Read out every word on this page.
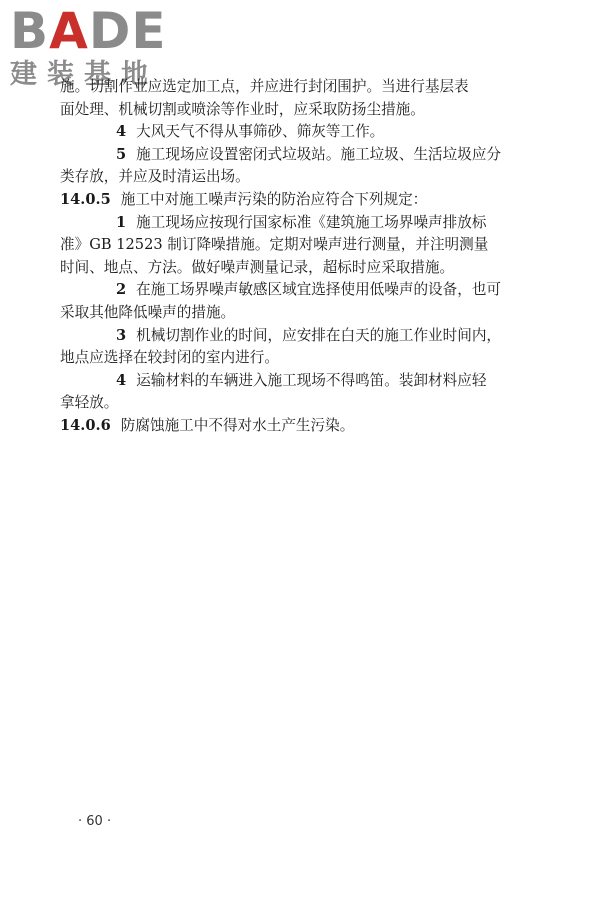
BADE
建装基地
施。切割作业应选定加工点，并应进行封闭围护。当进行基层表
面处理、机械切割或喷涂等作业时，应采取防扬尘措施。
4 大风天气不得从事筛砂、筛灰等工作。
5 施工现场应设置密闭式垃圾站。施工垃圾、生活垃圾应分
类存放，并应及时清运出场。
14.0.5 施工中对施工噪声污染的防治应符合下列规定：
1 施工现场应按现行国家标准《建筑施工场界噪声排放标
准》GB 12523 制订降噪措施。定期对噪声进行测量，并注明测量
时间、地点、方法。做好噪声测量记录，超标时应采取措施。
2 在施工场界噪声敏感区域宜选择使用低噪声的设备，也可
采取其他降低噪声的措施。
3 机械切割作业的时间，应安排在白天的施工作业时间内，
地点应选择在较封闭的室内进行。
4 运输材料的车辆进入施工现场不得鸣笛。装卸材料应轻
拿轻放。
14.0.6 防腐蚀施工中不得对水土产生污染。
· 60 ·
